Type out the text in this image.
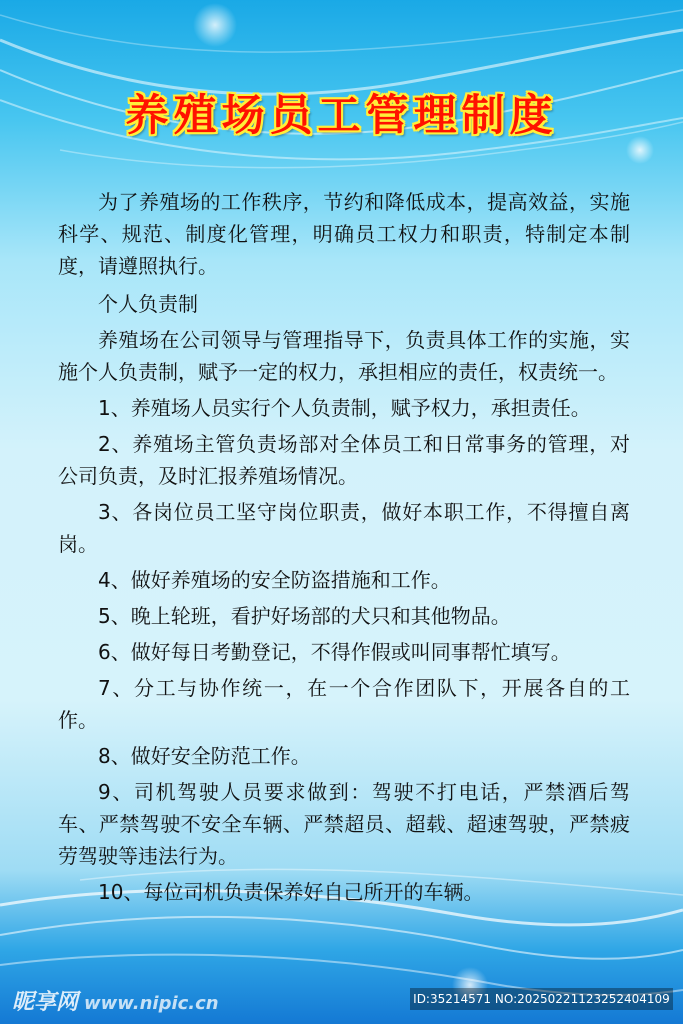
养殖场员工管理制度

为了养殖场的工作秩序，节约和降低成本，提高效益，实施科学、规范、制度化管理，明确员工权力和职责，特制定本制度，请遵照执行。

个人负责制

养殖场在公司领导与管理指导下，负责具体工作的实施，实施个人负责制，赋予一定的权力，承担相应的责任，权责统一。

1、养殖场人员实行个人负责制，赋予权力，承担责任。

2、养殖场主管负责场部对全体员工和日常事务的管理，对公司负责，及时汇报养殖场情况。

3、各岗位员工坚守岗位职责，做好本职工作，不得擅自离岗。

4、做好养殖场的安全防盗措施和工作。

5、晚上轮班，看护好场部的犬只和其他物品。

6、做好每日考勤登记，不得作假或叫同事帮忙填写。

7、分工与协作统一，在一个合作团队下，开展各自的工作。

8、做好安全防范工作。

9、司机驾驶人员要求做到：驾驶不打电话，严禁酒后驾车、严禁驾驶不安全车辆、严禁超员、超载、超速驾驶，严禁疲劳驾驶等违法行为。

10、每位司机负责保养好自己所开的车辆。

昵享网 www.nipic.cn	ID:35214571 NO:20250221123252404109
